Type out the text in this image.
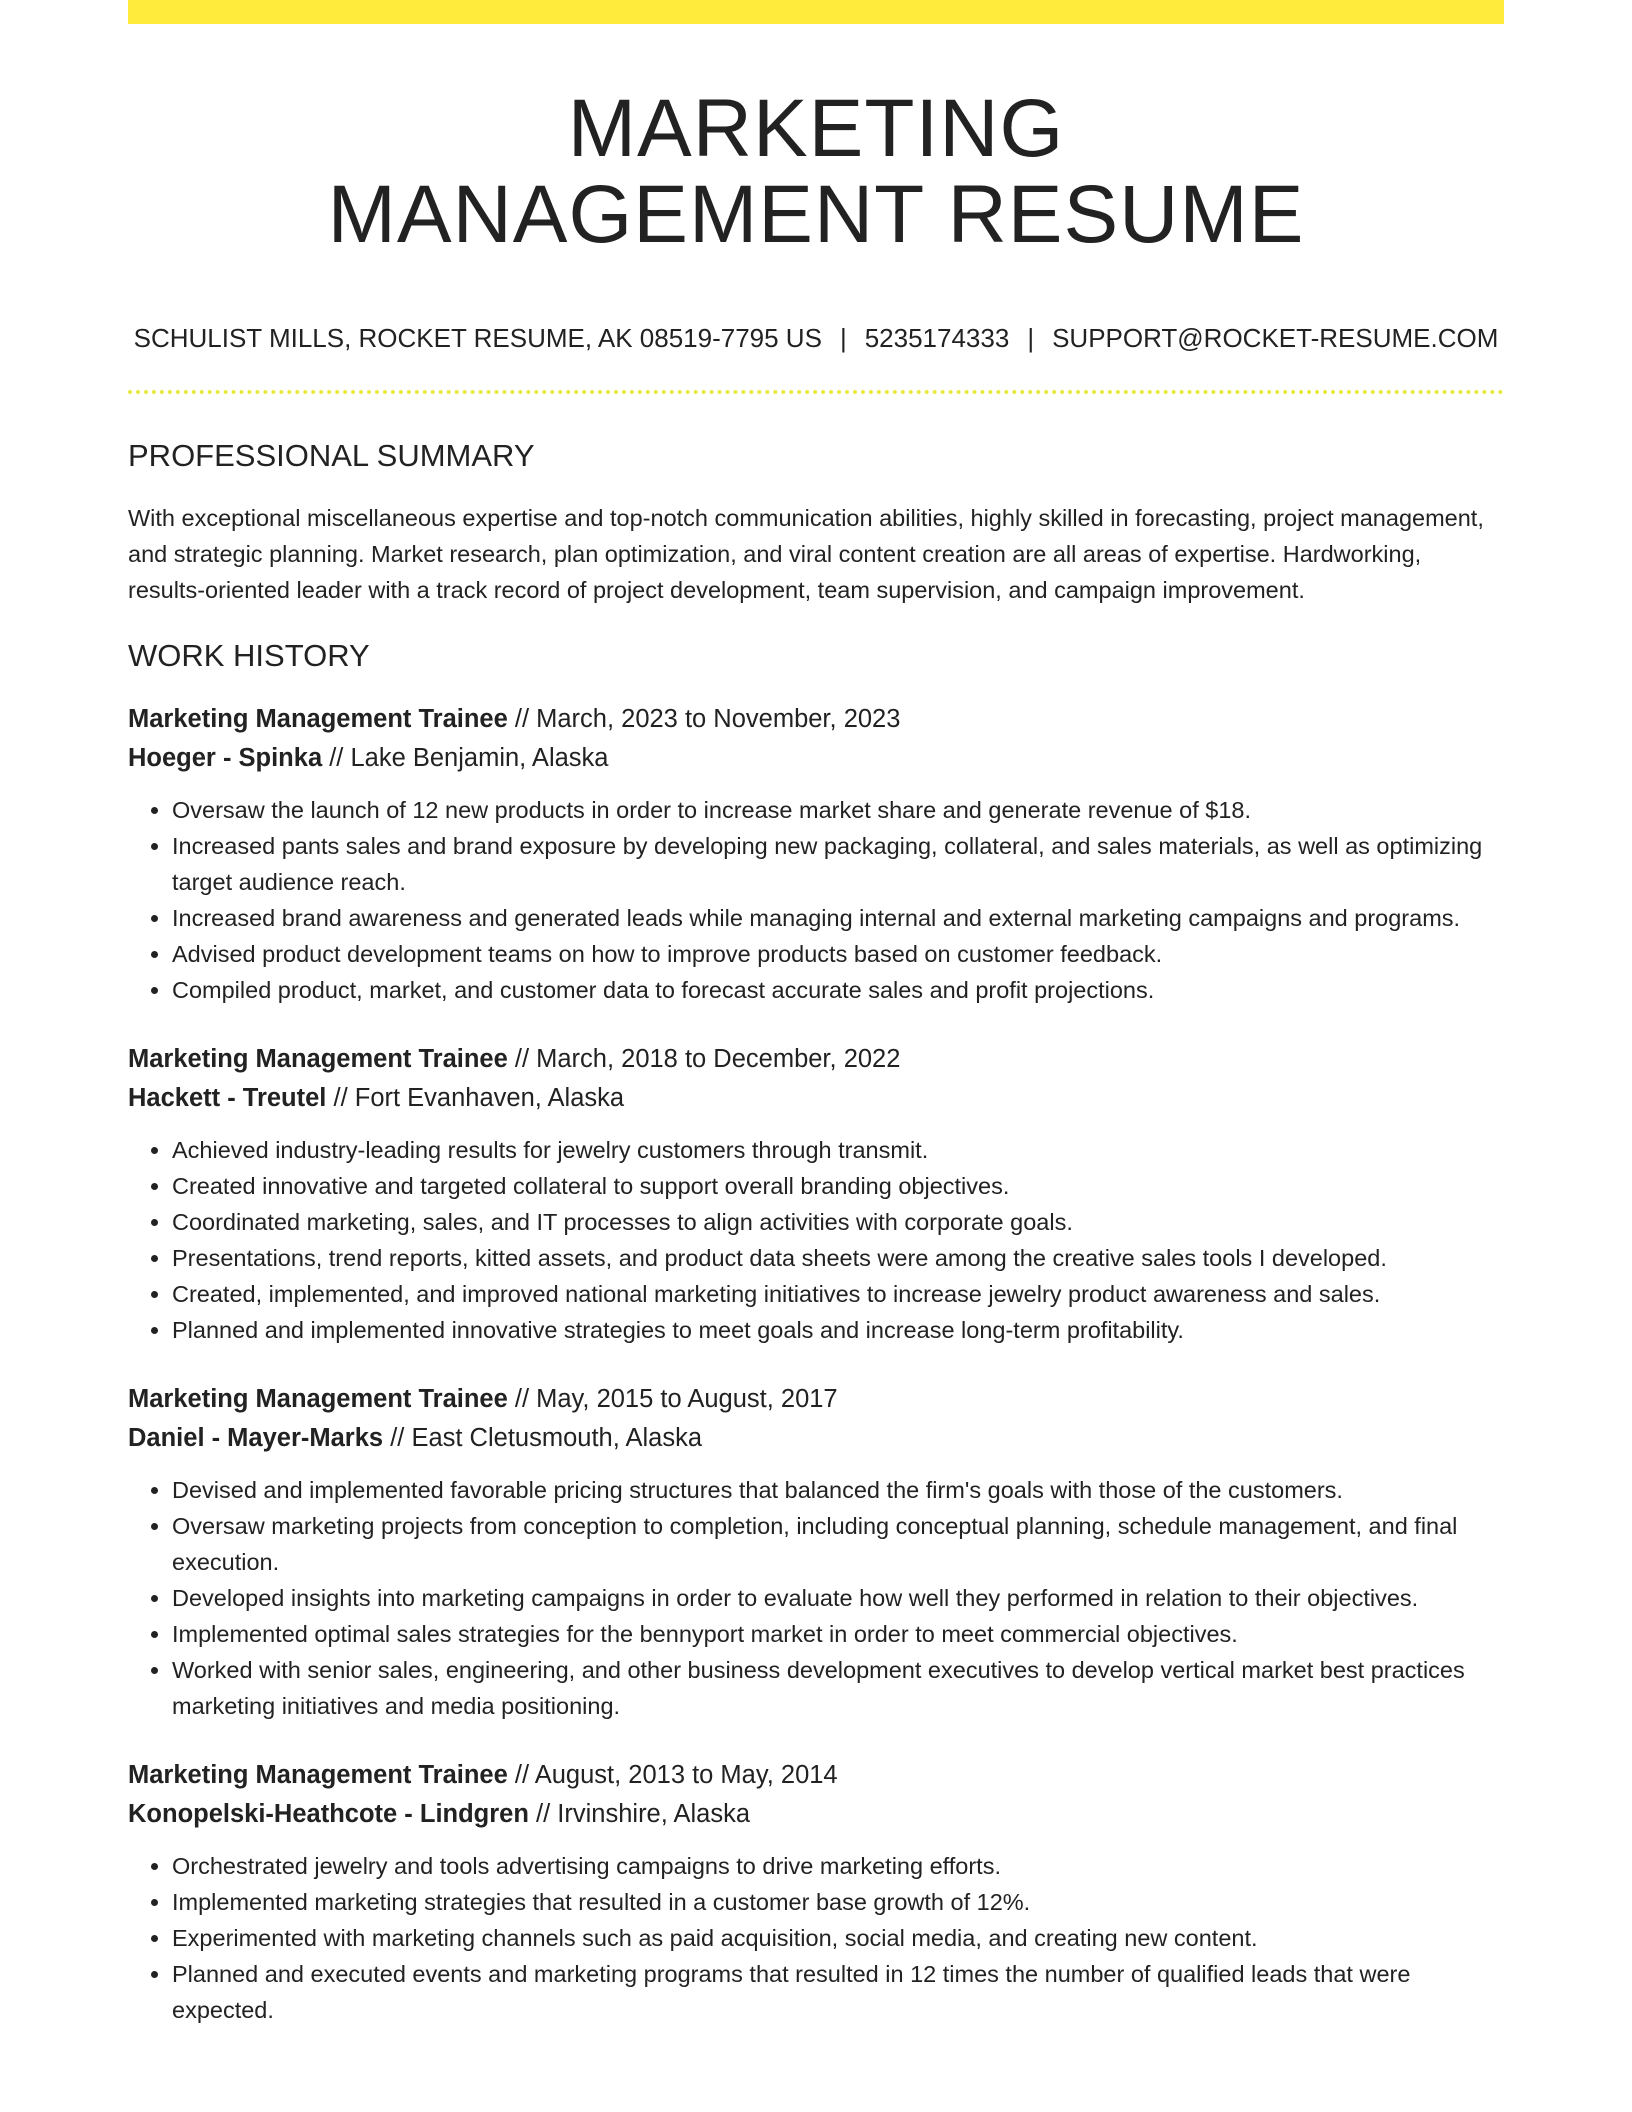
MARKETING
MANAGEMENT RESUME
SCHULIST MILLS, ROCKET RESUME, AK 08519-7795 US | 5235174333 | SUPPORT@ROCKET-RESUME.COM
PROFESSIONAL SUMMARY

With exceptional miscellaneous expertise and top-notch communication abilities, highly skilled in forecasting, project management, and strategic planning. Market research, plan optimization, and viral content creation are all areas of expertise. Hardworking, results-oriented leader with a track record of project development, team supervision, and campaign improvement.

WORK HISTORY
Marketing Management Trainee // March, 2023 to November, 2023
Hoeger - Spinka // Lake Benjamin, Alaska
• Oversaw the launch of 12 new products in order to increase market share and generate revenue of $18.
• Increased pants sales and brand exposure by developing new packaging, collateral, and sales materials, as well as optimizing target audience reach.
• Increased brand awareness and generated leads while managing internal and external marketing campaigns and programs.
• Advised product development teams on how to improve products based on customer feedback.
• Compiled product, market, and customer data to forecast accurate sales and profit projections.
Marketing Management Trainee // March, 2018 to December, 2022
Hackett - Treutel // Fort Evanhaven, Alaska
• Achieved industry-leading results for jewelry customers through transmit.
• Created innovative and targeted collateral to support overall branding objectives.
• Coordinated marketing, sales, and IT processes to align activities with corporate goals.
• Presentations, trend reports, kitted assets, and product data sheets were among the creative sales tools I developed.
• Created, implemented, and improved national marketing initiatives to increase jewelry product awareness and sales.
• Planned and implemented innovative strategies to meet goals and increase long-term profitability.
Marketing Management Trainee // May, 2015 to August, 2017
Daniel - Mayer-Marks // East Cletusmouth, Alaska
• Devised and implemented favorable pricing structures that balanced the firm's goals with those of the customers.
• Oversaw marketing projects from conception to completion, including conceptual planning, schedule management, and final execution.
• Developed insights into marketing campaigns in order to evaluate how well they performed in relation to their objectives.
• Implemented optimal sales strategies for the bennyport market in order to meet commercial objectives.
• Worked with senior sales, engineering, and other business development executives to develop vertical market best practices marketing initiatives and media positioning.
Marketing Management Trainee // August, 2013 to May, 2014
Konopelski-Heathcote - Lindgren // Irvinshire, Alaska
• Orchestrated jewelry and tools advertising campaigns to drive marketing efforts.
• Implemented marketing strategies that resulted in a customer base growth of 12%.
• Experimented with marketing channels such as paid acquisition, social media, and creating new content.
• Planned and executed events and marketing programs that resulted in 12 times the number of qualified leads that were expected.
